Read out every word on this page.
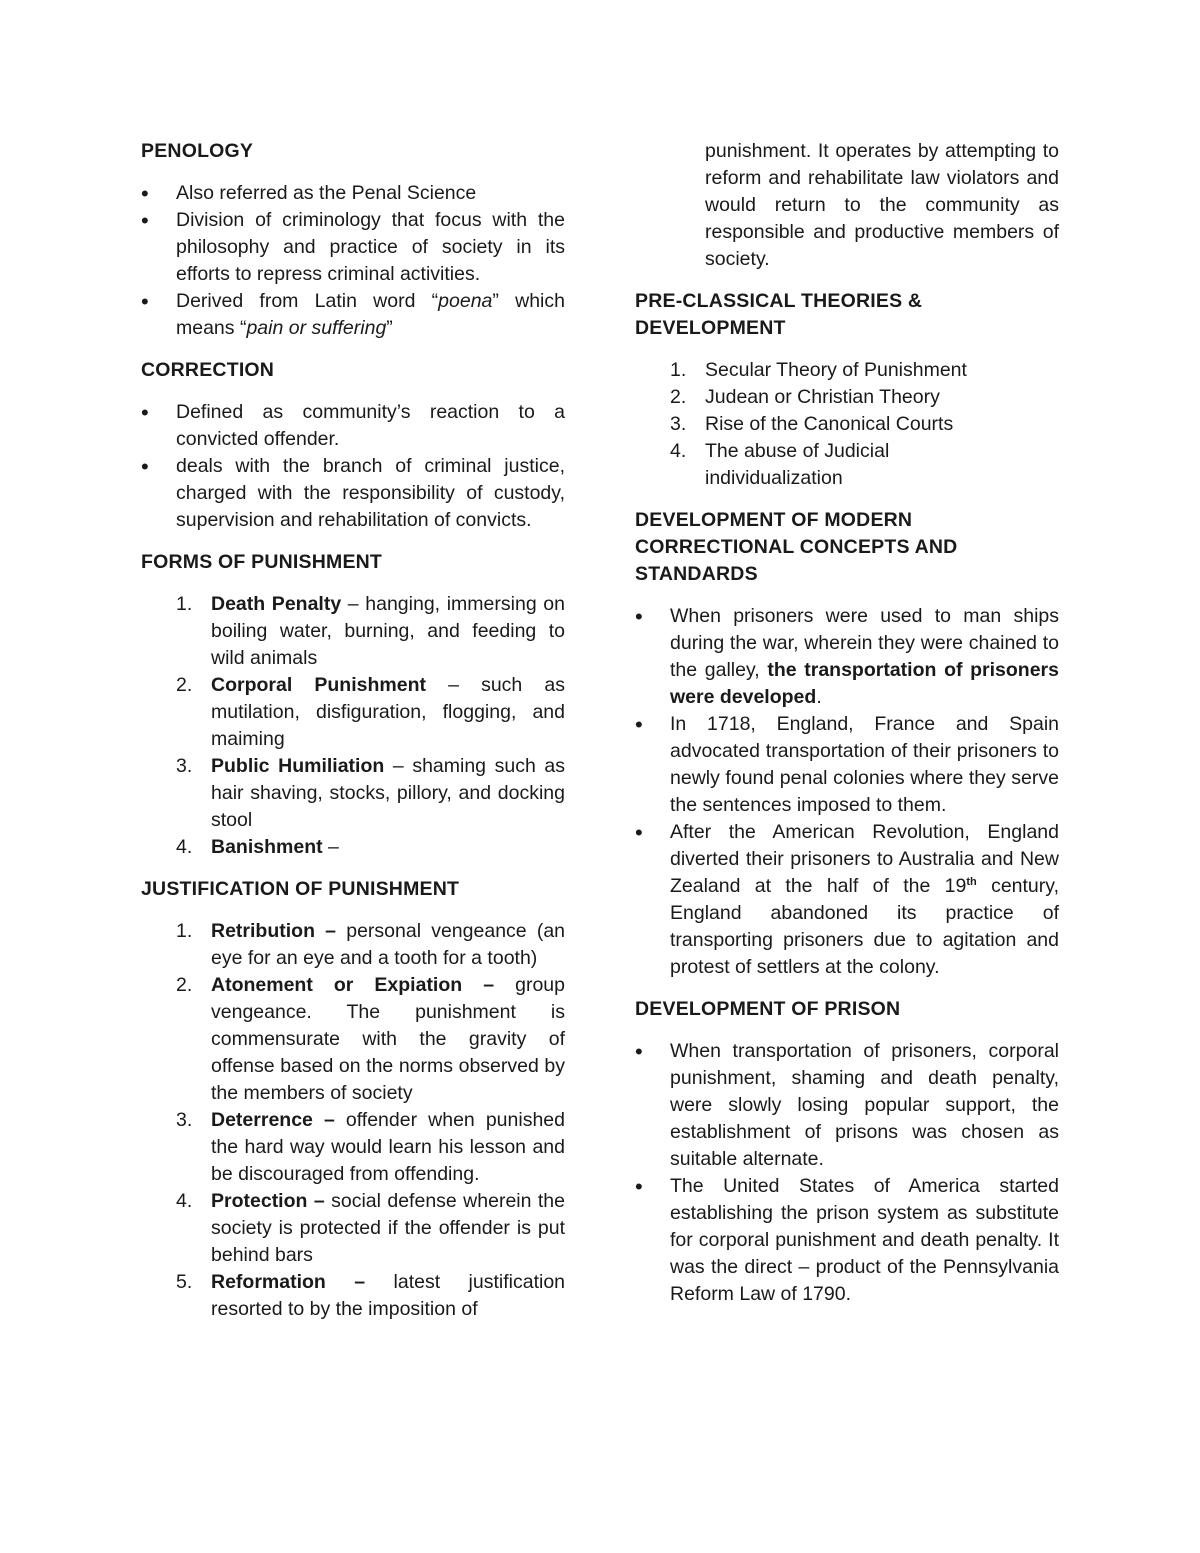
PENOLOGY
• Also referred as the Penal Science
• Division of criminology that focus with the philosophy and practice of society in its efforts to repress criminal activities.
• Derived from Latin word “poena” which means “pain or suffering”
CORRECTION
• Defined as community’s reaction to a convicted offender.
• deals with the branch of criminal justice, charged with the responsibility of custody, supervision and rehabilitation of convicts.
FORMS OF PUNISHMENT
1. Death Penalty – hanging, immersing on boiling water, burning, and feeding to wild animals
2. Corporal Punishment – such as mutilation, disfiguration, flogging, and maiming
3. Public Humiliation – shaming such as hair shaving, stocks, pillory, and docking stool
4. Banishment –
JUSTIFICATION OF PUNISHMENT
1. Retribution – personal vengeance (an eye for an eye and a tooth for a tooth)
2. Atonement or Expiation – group vengeance. The punishment is commensurate with the gravity of offense based on the norms observed by the members of society
3. Deterrence – offender when punished the hard way would learn his lesson and be discouraged from offending.
4. Protection – social defense wherein the society is protected if the offender is put behind bars
5. Reformation – latest justification resorted to by the imposition of

punishment. It operates by attempting to reform and rehabilitate law violators and would return to the community as responsible and productive members of society.

PRE-CLASSICAL THEORIES & DEVELOPMENT
1. Secular Theory of Punishment
2. Judean or Christian Theory
3. Rise of the Canonical Courts
4. The abuse of Judicial individualization
DEVELOPMENT OF MODERN CORRECTIONAL CONCEPTS AND STANDARDS
• When prisoners were used to man ships during the war, wherein they were chained to the galley, the transportation of prisoners were developed.
• In 1718, England, France and Spain advocated transportation of their prisoners to newly found penal colonies where they serve the sentences imposed to them.
• After the American Revolution, England diverted their prisoners to Australia and New Zealand at the half of the 19th century, England abandoned its practice of transporting prisoners due to agitation and protest of settlers at the colony.
DEVELOPMENT OF PRISON
• When transportation of prisoners, corporal punishment, shaming and death penalty, were slowly losing popular support, the establishment of prisons was chosen as suitable alternate.
• The United States of America started establishing the prison system as substitute for corporal punishment and death penalty. It was the direct – product of the Pennsylvania Reform Law of 1790.
